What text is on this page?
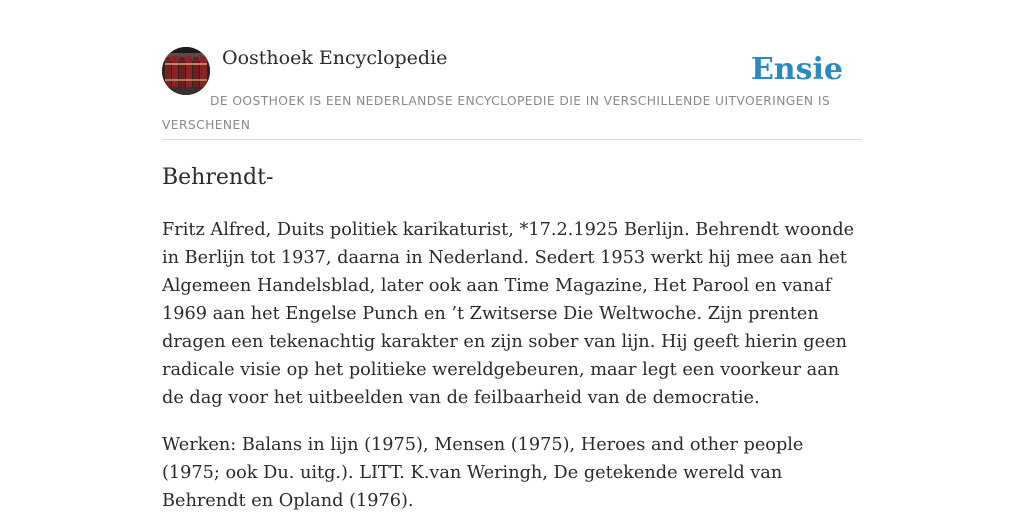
Oosthoek Encyclopedie	Ensie
DE OOSTHOEK IS EEN NEDERLANDSE ENCYCLOPEDIE DIE IN VERSCHILLENDE UITVOERINGEN IS VERSCHENEN
Behrendt-

Fritz Alfred, Duits politiek karikaturist, *17.2.1925 Berlijn. Behrendt woonde in Berlijn tot 1937, daarna in Nederland. Sedert 1953 werkt hij mee aan het Algemeen Handelsblad, later ook aan Time Magazine, Het Parool en vanaf 1969 aan het Engelse Punch en ’t Zwitserse Die Weltwoche. Zijn prenten dragen een tekenachtig karakter en zijn sober van lijn. Hij geeft hierin geen radicale visie op het politieke wereldgebeuren, maar legt een voorkeur aan de dag voor het uitbeelden van de feilbaarheid van de democratie.

Werken: Balans in lijn (1975), Mensen (1975), Heroes and other people (1975; ook Du. uitg.). LITT. K.van Weringh, De getekende wereld van Behrendt en Opland (1976).
